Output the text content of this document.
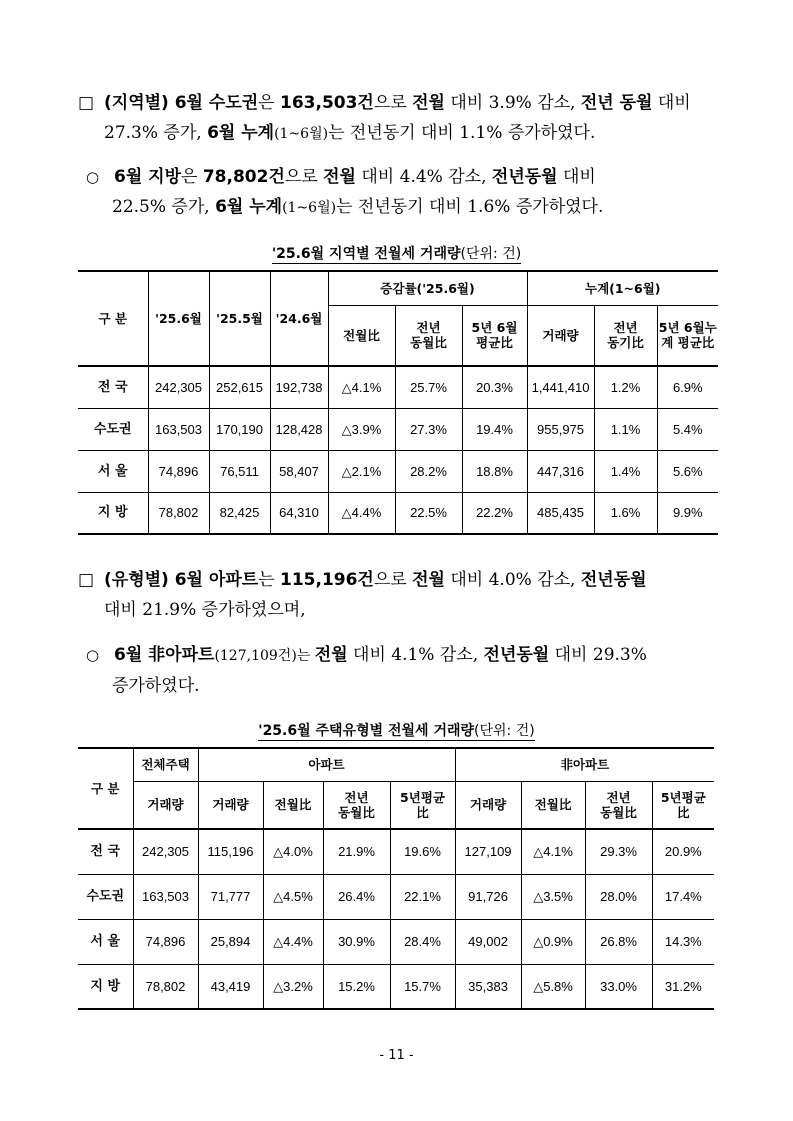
□ (지역별) 6월 수도권은 163,503건으로 전월 대비 3.9% 감소, 전년 동월 대비
27.3% 증가, 6월 누계(1~6월)는 전년동기 대비 1.1% 증가하였다.
○ 6월 지방은 78,802건으로 전월 대비 4.4% 감소, 전년동월 대비
22.5% 증가, 6월 누계(1~6월)는 전년동기 대비 1.6% 증가하였다.
'25.6월 지역별 전월세 거래량(단위: 건)
구 분	'25.6월	'25.5월	'24.6월	증감률('25.6월)			누계(1~6월)		
				전월比	전년 동월比	5년 6월 평균比	거래량	전년 동기比	5년 6월누계 평균比

전 국	242,305	252,615	192,738	△4.1%	25.7%	20.3%	1,441,410	1.2%	6.9%
수도권	163,503	170,190	128,428	△3.9%	27.3%	19.4%	955,975	1.1%	5.4%
서 울	74,896	76,511	58,407	△2.1%	28.2%	18.8%	447,316	1.4%	5.6%
지 방	78,802	82,425	64,310	△4.4%	22.5%	22.2%	485,435	1.6%	9.9%
□ (유형별) 6월 아파트는 115,196건으로 전월 대비 4.0% 감소, 전년동월
대비 21.9% 증가하였으며,
○ 6월 非아파트(127,109건)는 전월 대비 4.1% 감소, 전년동월 대비 29.3%
증가하였다.
'25.6월 주택유형별 전월세 거래량(단위: 건)
구 분	전체주택	아파트				非아파트			
	거래량	거래량	전월比	전년 동월比	5년평균 比	거래량	전월比	전년 동월比	5년평균 比

전 국	242,305	115,196	△4.0%	21.9%	19.6%	127,109	△4.1%	29.3%	20.9%
수도권	163,503	71,777	△4.5%	26.4%	22.1%	91,726	△3.5%	28.0%	17.4%
서 울	74,896	25,894	△4.4%	30.9%	28.4%	49,002	△0.9%	26.8%	14.3%
지 방	78,802	43,419	△3.2%	15.2%	15.7%	35,383	△5.8%	33.0%	31.2%
- 11 -
